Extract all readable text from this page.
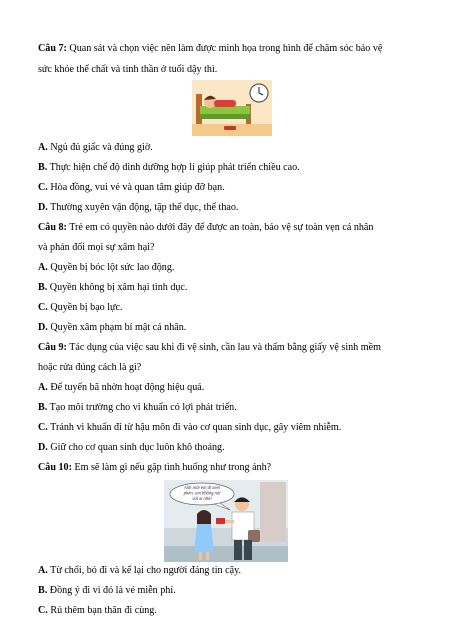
Câu 7: Quan sát và chọn việc nên làm được minh họa trong hình để chăm sóc bảo vệ
sức khỏe thể chất và tinh thần ở tuổi dậy thì.
A. Ngủ đủ giấc và đúng giờ.
B. Thực hiện chế độ dinh dưỡng hợp lí giúp phát triển chiều cao.
C. Hòa đồng, vui vẻ và quan tâm giúp đỡ bạn.
D. Thường xuyên vận động, tập thể dục, thể thao.
Câu 8: Trẻ em có quyền nào dưới đây để được an toàn, bảo vệ sự toàn vẹn cá nhân
và phản đối mọi sự xâm hại?
A. Quyền bị bóc lột sức lao động.
B. Quyền không bị xâm hại tình dục.
C. Quyền bị bạo lực.
D. Quyền xâm phạm bí mật cá nhân.
Câu 9: Tác dụng của việc sau khi đi vệ sinh, cần lau và thấm bằng giấy vệ sinh mềm
hoặc rửa đúng cách là gì?
A. Để tuyến bã nhờn hoạt động hiệu quả.
B. Tạo môi trường cho vi khuẩn có lợi phát triển.
C. Tránh vi khuẩn đi từ hậu môn đi vào cơ quan sinh dục, gây viêm nhiễm.
D. Giữ cho cơ quan sinh dục luôn khô thoáng.
Câu 10: Em sẽ làm gì nếu gặp tình huống như trong ảnh?
Anh mời em đi xem
phim, em không nói
với ai nhé!
A. Từ chối, bỏ đi và kể lại cho người đáng tin cậy.
B. Đồng ý đi vì đó là vé miễn phí.
C. Rủ thêm bạn thân đi cùng.
